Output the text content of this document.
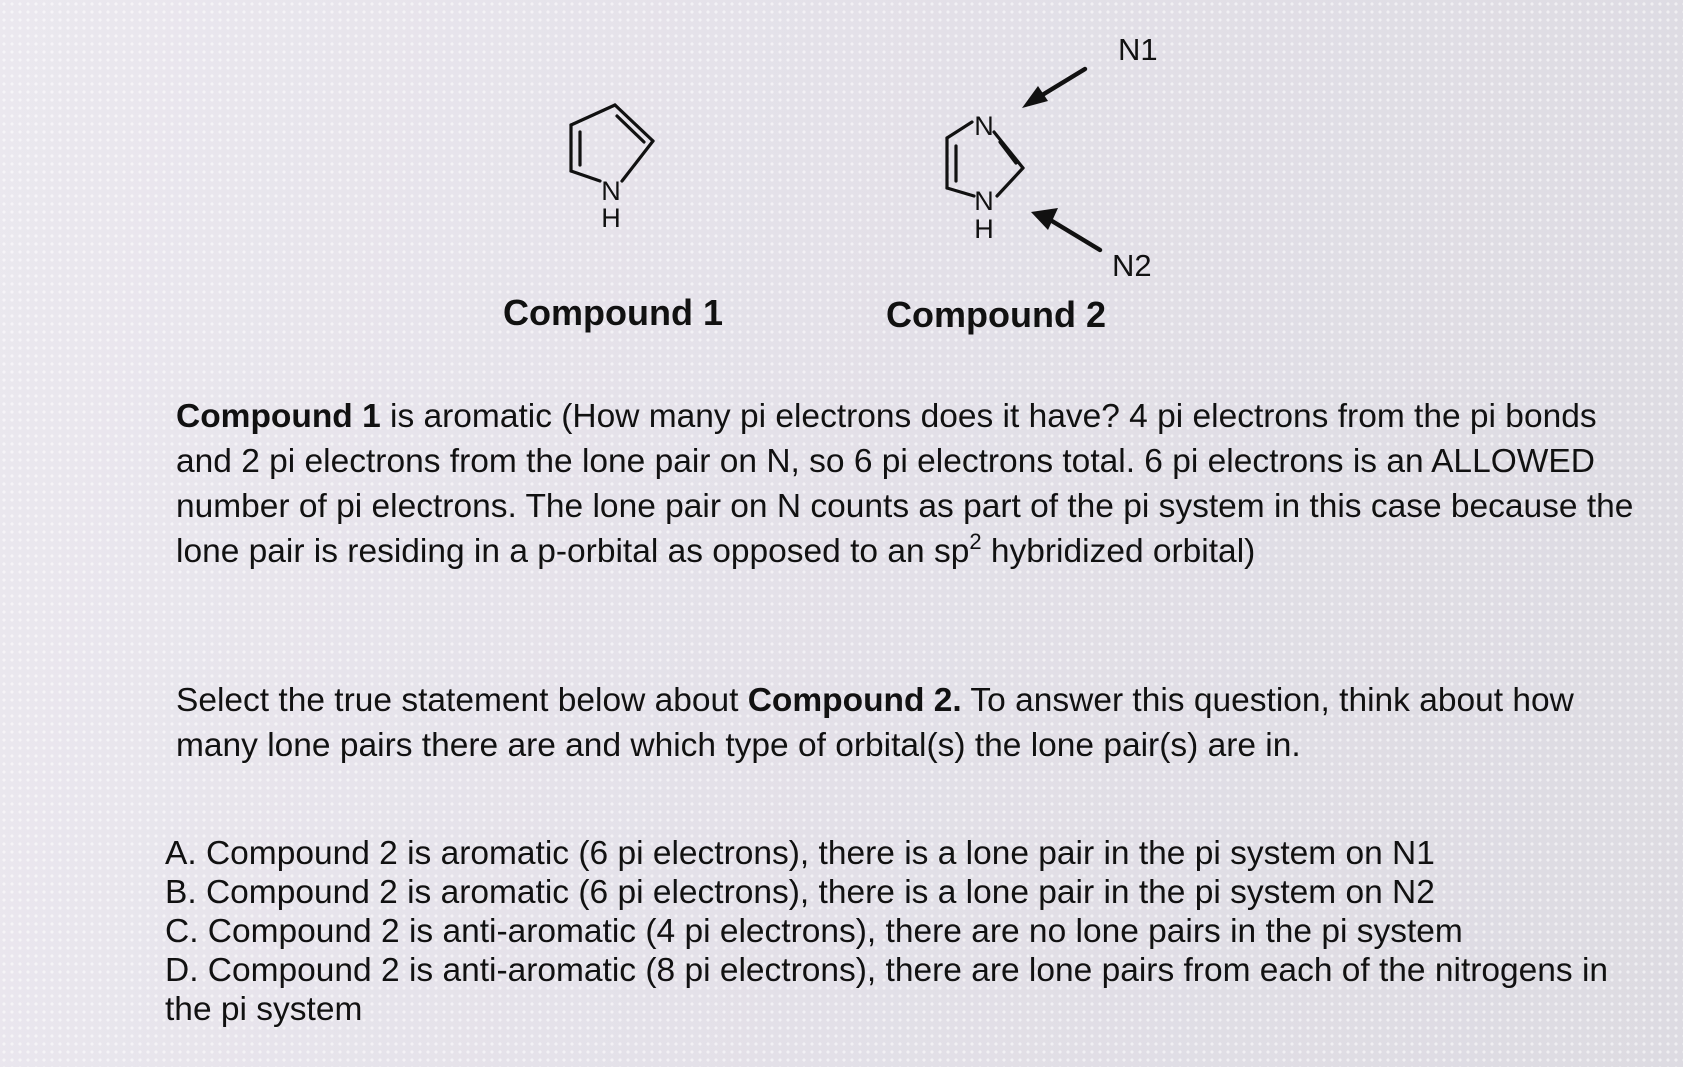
N
H
N
N
H
N1
N2
Compound 1	Compound 2

Compound 1 is aromatic (How many pi electrons does it have? 4 pi electrons from the pi bonds and 2 pi electrons from the lone pair on N, so 6 pi electrons total. 6 pi electrons is an ALLOWED number of pi electrons. The lone pair on N counts as part of the pi system in this case because the lone pair is residing in a p-orbital as opposed to an $sp^2$ hybridized orbital)

Select the true statement below about Compound 2. To answer this question, think about how many lone pairs there are and which type of orbital(s) the lone pair(s) are in.

A. Compound 2 is aromatic (6 pi electrons), there is a lone pair in the pi system on N1
B. Compound 2 is aromatic (6 pi electrons), there is a lone pair in the pi system on N2
C. Compound 2 is anti-aromatic (4 pi electrons), there are no lone pairs in the pi system
D. Compound 2 is anti-aromatic (8 pi electrons), there are lone pairs from each of the nitrogens in the pi system
